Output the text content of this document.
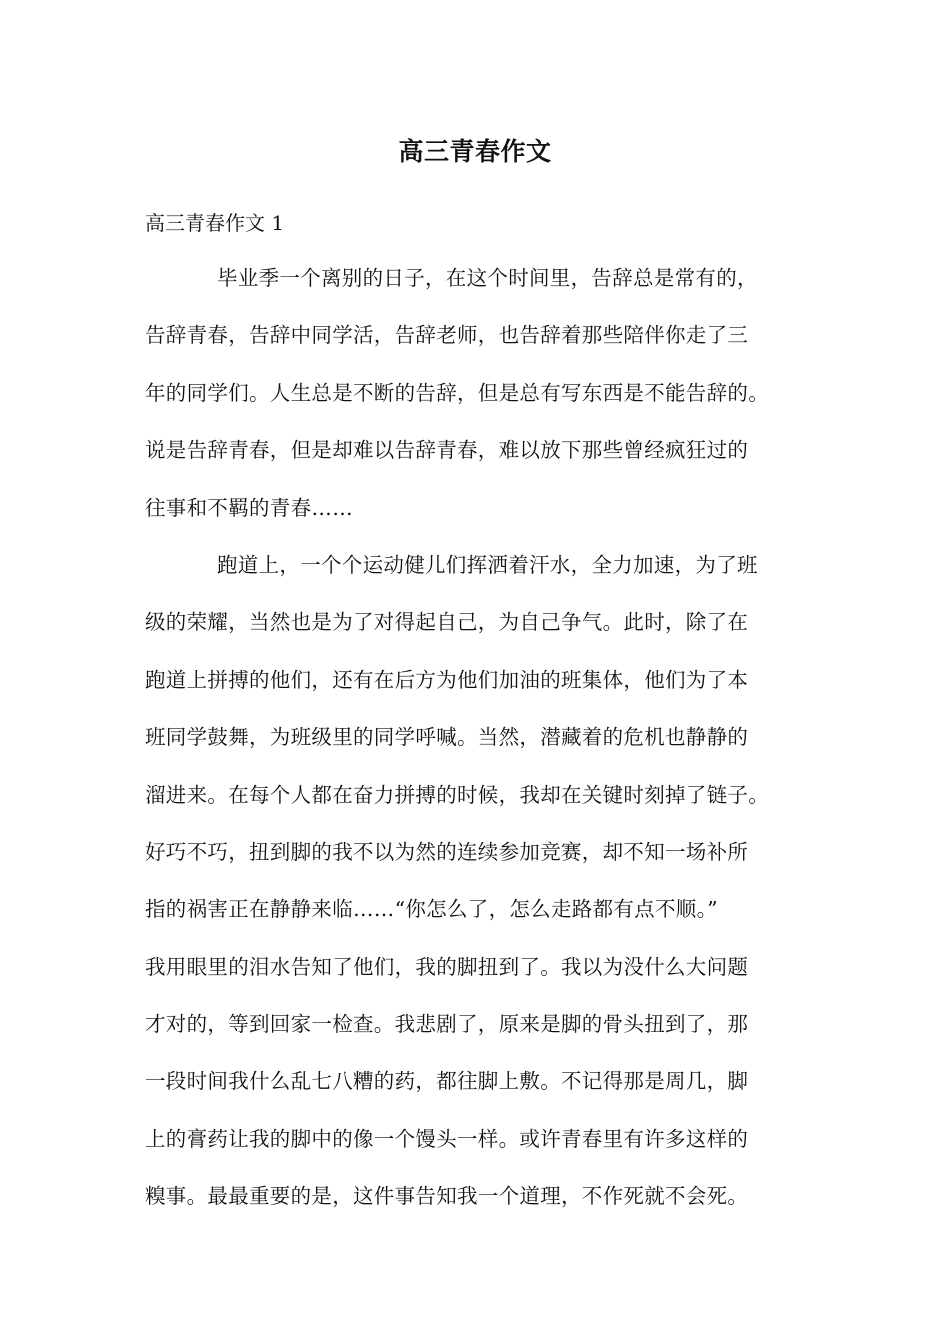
高三青春作文
高三青春作文 1
毕业季一个离别的日子，在这个时间里，告辞总是常有的，
告辞青春，告辞中同学活，告辞老师，也告辞着那些陪伴你走了三
年的同学们。人生总是不断的告辞，但是总有写东西是不能告辞的。
说是告辞青春，但是却难以告辞青春，难以放下那些曾经疯狂过的
往事和不羁的青春……
跑道上，一个个运动健儿们挥洒着汗水，全力加速，为了班
级的荣耀，当然也是为了对得起自己，为自己争气。此时，除了在
跑道上拼搏的他们，还有在后方为他们加油的班集体，他们为了本
班同学鼓舞，为班级里的同学呼喊。当然，潜藏着的危机也静静的
溜进来。在每个人都在奋力拼搏的时候，我却在关键时刻掉了链子。
好巧不巧，扭到脚的我不以为然的连续参加竞赛，却不知一场补所
指的祸害正在静静来临……“你怎么了，怎么走路都有点不顺。”
我用眼里的泪水告知了他们，我的脚扭到了。我以为没什么大问题
才对的，等到回家一检查。我悲剧了，原来是脚的骨头扭到了，那
一段时间我什么乱七八糟的药，都往脚上敷。不记得那是周几，脚
上的膏药让我的脚中的像一个馒头一样。或许青春里有许多这样的
糗事。最最重要的是，这件事告知我一个道理，不作死就不会死。
